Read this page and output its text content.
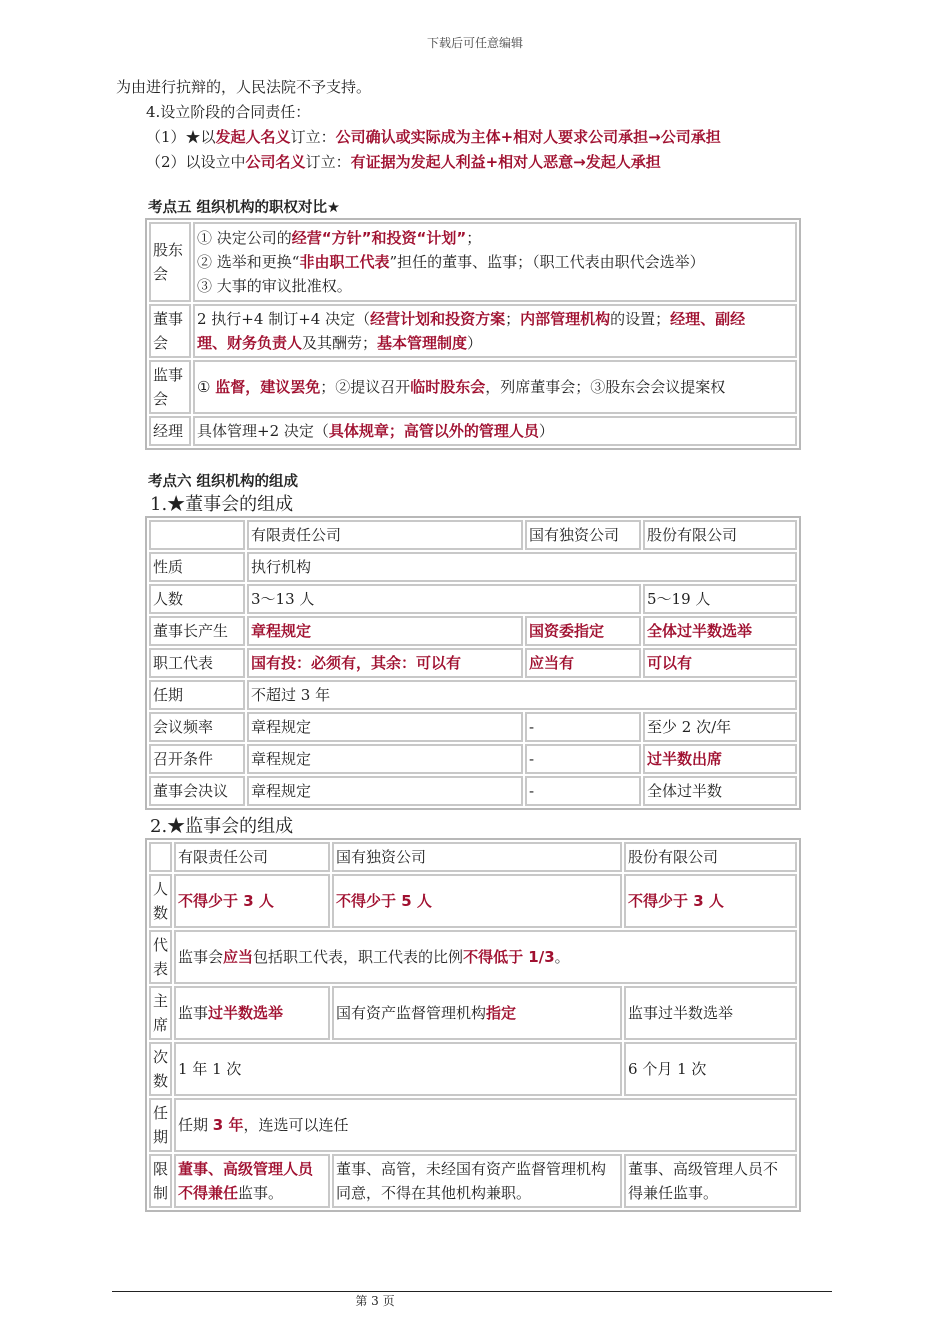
下载后可任意编辑
为由进行抗辩的，人民法院不予支持。
4.设立阶段的合同责任：
（1）★以发起人名义订立：公司确认或实际成为主体+相对人要求公司承担→公司承担
（2）以设立中公司名义订立：有证据为发起人利益+相对人恶意→发起人承担
考点五 组织机构的职权对比★
股东会	① 决定公司的经营“方针”和投资“计划”；
② 选举和更换“非由职工代表”担任的董事、监事；（职工代表由职代会选举）
③ 大事的审议批准权。

董事会	2 执行+4 制订+4 决定（经营计划和投资方案；内部管理机构的设置；经理、副经
理、财务负责人及其酬劳；基本管理制度）

监事会	① 监督，建议罢免；②提议召开临时股东会，列席董事会；③股东会会议提案权
经理	具体管理+2 决定（具体规章；高管以外的管理人员）
考点六 组织机构的组成
1.★董事会的组成
	有限责任公司	国有独资公司	股份有限公司
性质	执行机构		
人数	3～13 人		5～19 人
董事长产生	章程规定	国资委指定	全体过半数选举
职工代表	国有投：必须有，其余：可以有	应当有	可以有
任期	不超过 3 年		
会议频率	章程规定	-	至少 2 次/年
召开条件	章程规定	-	过半数出席
董事会决议	章程规定	-	全体过半数
2.★监事会的组成
	有限责任公司	国有独资公司	股份有限公司
人数	不得少于 3 人	不得少于 5 人	不得少于 3 人
代表	监事会应当包括职工代表，职工代表的比例不得低于 1/3。		
主席	监事过半数选举	国有资产监督管理机构指定	监事过半数选举
次数	1 年 1 次		6 个月 1 次
任期	任期 3 年，连选可以连任		
限制	董事、高级管理人员不得兼任监事。	董事、高管，未经国有资产监督管理机构同意，不得在其他机构兼职。	董事、高级管理人员不得兼任监事。
第 3 页
